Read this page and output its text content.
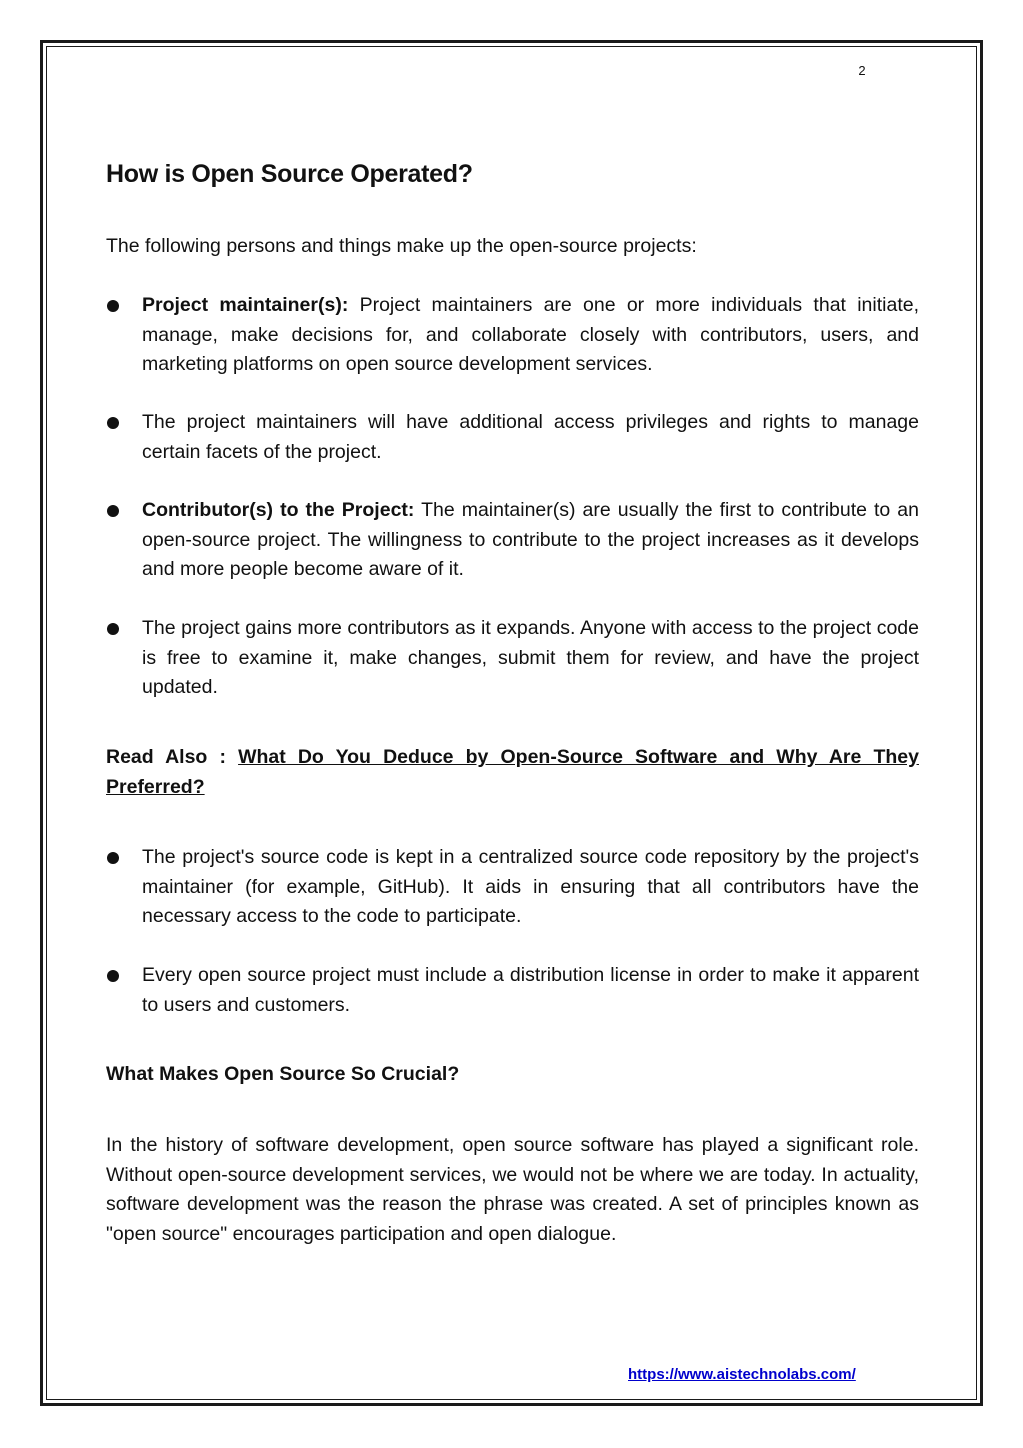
2
How is Open Source Operated?

The following persons and things make up the open-source projects:

Project maintainer(s): Project maintainers are one or more individuals that initiate, manage, make decisions for, and collaborate closely with contributors, users, and marketing platforms on open source development services.

The project maintainers will have additional access privileges and rights to manage certain facets of the project.

Contributor(s) to the Project: The maintainer(s) are usually the first to contribute to an open-source project. The willingness to contribute to the project increases as it develops and more people become aware of it.

The project gains more contributors as it expands. Anyone with access to the project code is free to examine it, make changes, submit them for review, and have the project updated.

Read Also : What Do You Deduce by Open-Source Software and Why Are They Preferred?

The project's source code is kept in a centralized source code repository by the project's maintainer (for example, GitHub). It aids in ensuring that all contributors have the necessary access to the code to participate.

Every open source project must include a distribution license in order to make it apparent to users and customers.

What Makes Open Source So Crucial?

In the history of software development, open source software has played a significant role. Without open-source development services, we would not be where we are today. In actuality, software development was the reason the phrase was created. A set of principles known as "open source" encourages participation and open dialogue.

https://www.aistechnolabs.com/
